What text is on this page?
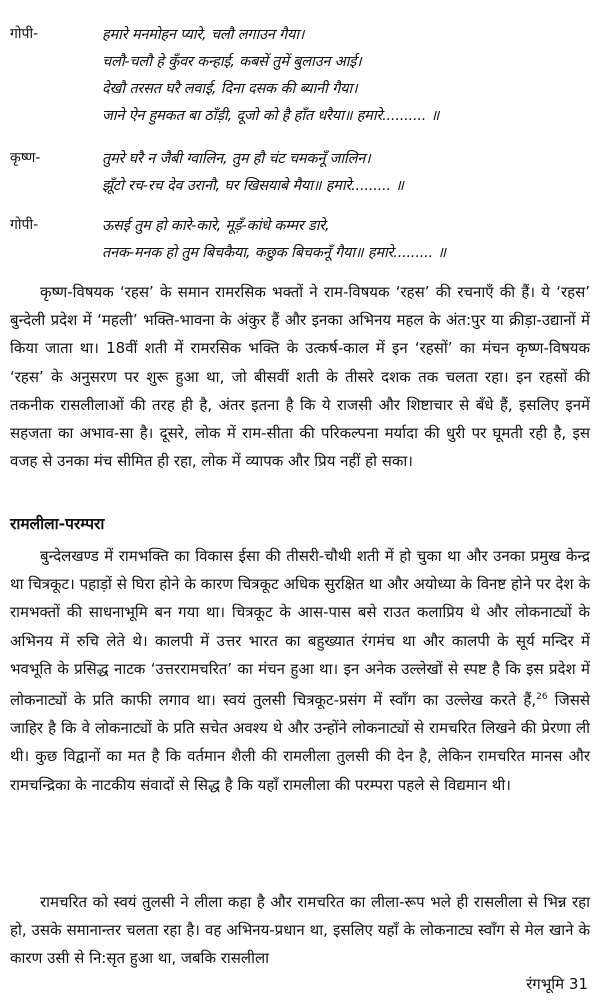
गोपी-	हमारे मनमोहन प्यारे, चलौ लगाउन गैया।
चलौ-चलौ हे कुँवर कन्हाई, कबसें तुमें बुलाउन आई।
देखौ तरसत घरै लवाई, दिना दसक की ब्यानी गैया।
जाने ऐन हुमकत बा ठाँड़ी, दूजो को है हाँत धरैया॥ हमारे.......... ॥
कृष्ण-	तुमरे घरै न जैबी ग्वालिन, तुम हौ चंट चमकनूँ जालिन।
झूँटो रच-रच देव उरानौ, घर खिसयाबे मैया॥ हमारे......... ॥
गोपी-	ऊसई तुम हो कारे-कारे, मूड़ँ-कांधे कम्मर डारे,
तनक-मनक हो तुम बिचकैया, कछुक बिचकनूँ गैया॥ हमारे......... ॥

कृष्ण-विषयक ‘रहस’ के समान रामरसिक भक्तों ने राम-विषयक ‘रहस’ की रचनाएँ की हैं। ये ‘रहस’ बुन्देली प्रदेश में ‘महली’ भक्ति-भावना के अंकुर हैं और इनका अभिनय महल के अंत:पुर या क्रीड़ा-उद्यानों में किया जाता था। 18वीं शती में रामरसिक भक्ति के उत्कर्ष-काल में इन ‘रहसों’ का मंचन कृष्ण-विषयक ‘रहस’ के अनुसरण पर शुरू हुआ था, जो बीसवीं शती के तीसरे दशक तक चलता रहा। इन रहसों की तकनीक रासलीलाओं की तरह ही है, अंतर इतना है कि ये राजसी और शिष्टाचार से बँधे हैं, इसलिए इनमें सहजता का अभाव-सा है। दूसरे, लोक में राम-सीता की परिकल्पना मर्यादा की धुरी पर घूमती रही है, इस वजह से उनका मंच सीमित ही रहा, लोक में व्यापक और प्रिय नहीं हो सका।

रामलीला-परम्परा

बुन्देलखण्ड में रामभक्ति का विकास ईसा की तीसरी-चौथी शती में हो चुका था और उनका प्रमुख केन्द्र था चित्रकूट। पहाड़ों से घिरा होने के कारण चित्रकूट अधिक सुरक्षित था और अयोध्या के विनष्ट होने पर देश के रामभक्तों की साधनाभूमि बन गया था। चित्रकूट के आस-पास बसे राउत कलाप्रिय थे और लोकनाट्यों के अभिनय में रुचि लेते थे। कालपी में उत्तर भारत का बहुख्यात रंगमंच था और कालपी के सूर्य मन्दिर में भवभूति के प्रसिद्ध नाटक ‘उत्तररामचरित’ का मंचन हुआ था। इन अनेक उल्लेखों से स्पष्ट है कि इस प्रदेश में लोकनाट्यों के प्रति काफी लगाव था। स्वयं तुलसी चित्रकूट-प्रसंग में स्वाँग का उल्लेख करते हैं,$^{26}$ जिससे जाहिर है कि वे लोकनाट्यों के प्रति सचेत अवश्य थे और उन्होंने लोकनाट्यों से रामचरित लिखने की प्रेरणा ली थी। कुछ विद्वानों का मत है कि वर्तमान शैली की रामलीला तुलसी की देन है, लेकिन रामचरित मानस और रामचन्द्रिका के नाटकीय संवादों से सिद्ध है कि यहाँ रामलीला की परम्परा पहले से विद्यमान थी।

रामचरित को स्वयं तुलसी ने लीला कहा है और रामचरित का लीला-रूप भले ही रासलीला से भिन्न रहा हो, उसके समानान्तर चलता रहा है। वह अभिनय-प्रधान था, इसलिए यहाँ के लोकनाट्य स्वाँग से मेल खाने के कारण उसी से नि:सृत हुआ था, जबकि रासलीला

रंगभूमि 31
